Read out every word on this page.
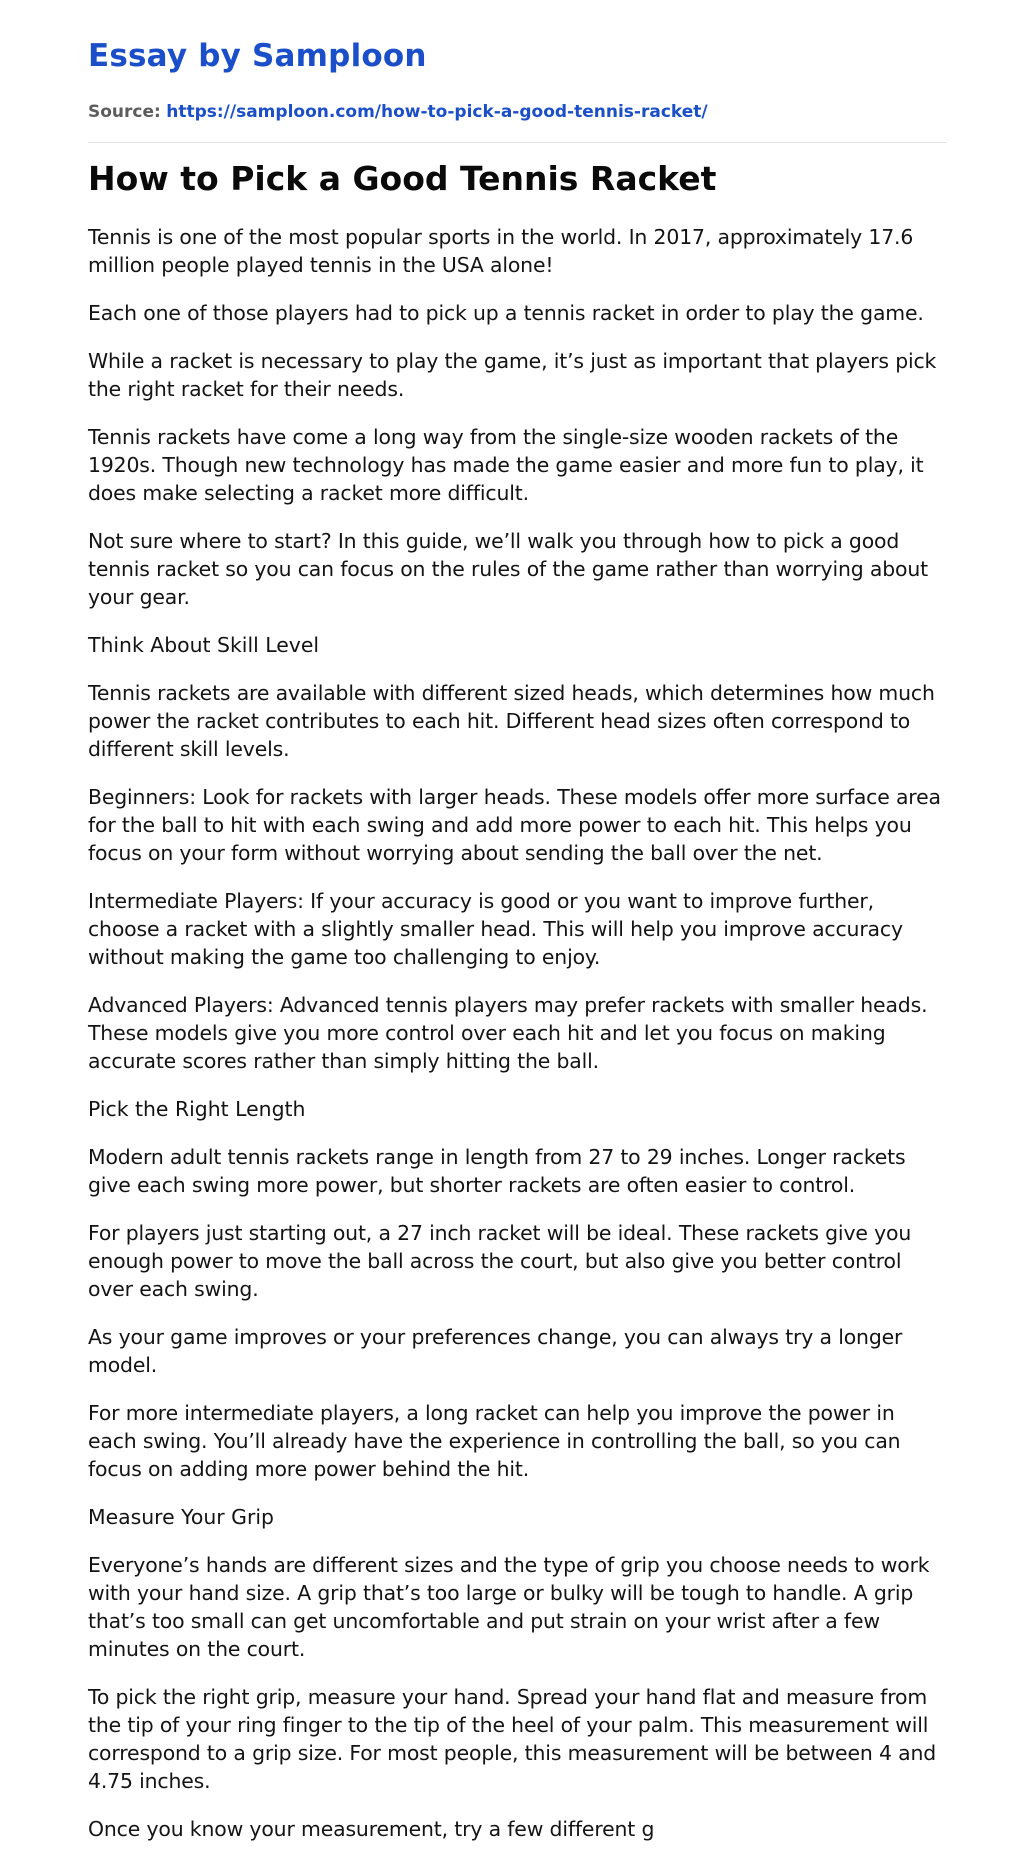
Essay by Samploon
Source: https://samploon.com/how-to-pick-a-good-tennis-racket/
How to Pick a Good Tennis Racket

Tennis is one of the most popular sports in the world. In 2017, approximately 17.6 million people played tennis in the USA alone!

Each one of those players had to pick up a tennis racket in order to play the game.

While a racket is necessary to play the game, it’s just as important that players pick the right racket for their needs.

Tennis rackets have come a long way from the single-size wooden rackets of the 1920s. Though new technology has made the game easier and more fun to play, it does make selecting a racket more difficult.

Not sure where to start? In this guide, we’ll walk you through how to pick a good tennis racket so you can focus on the rules of the game rather than worrying about your gear.

Think About Skill Level

Tennis rackets are available with different sized heads, which determines how much power the racket contributes to each hit. Different head sizes often correspond to different skill levels.

Beginners: Look for rackets with larger heads. These models offer more surface area for the ball to hit with each swing and add more power to each hit. This helps you focus on your form without worrying about sending the ball over the net.

Intermediate Players: If your accuracy is good or you want to improve further, choose a racket with a slightly smaller head. This will help you improve accuracy without making the game too challenging to enjoy.

Advanced Players: Advanced tennis players may prefer rackets with smaller heads. These models give you more control over each hit and let you focus on making accurate scores rather than simply hitting the ball.

Pick the Right Length

Modern adult tennis rackets range in length from 27 to 29 inches. Longer rackets give each swing more power, but shorter rackets are often easier to control.

For players just starting out, a 27 inch racket will be ideal. These rackets give you enough power to move the ball across the court, but also give you better control over each swing.

As your game improves or your preferences change, you can always try a longer model.

For more intermediate players, a long racket can help you improve the power in each swing. You’ll already have the experience in controlling the ball, so you can focus on adding more power behind the hit.

Measure Your Grip

Everyone’s hands are different sizes and the type of grip you choose needs to work with your hand size. A grip that’s too large or bulky will be tough to handle. A grip that’s too small can get uncomfortable and put strain on your wrist after a few minutes on the court.

To pick the right grip, measure your hand. Spread your hand flat and measure from the tip of your ring finger to the tip of the heel of your palm. This measurement will correspond to a grip size. For most people, this measurement will be between 4 and 4.75 inches.

Once you know your measurement, try a few different g
